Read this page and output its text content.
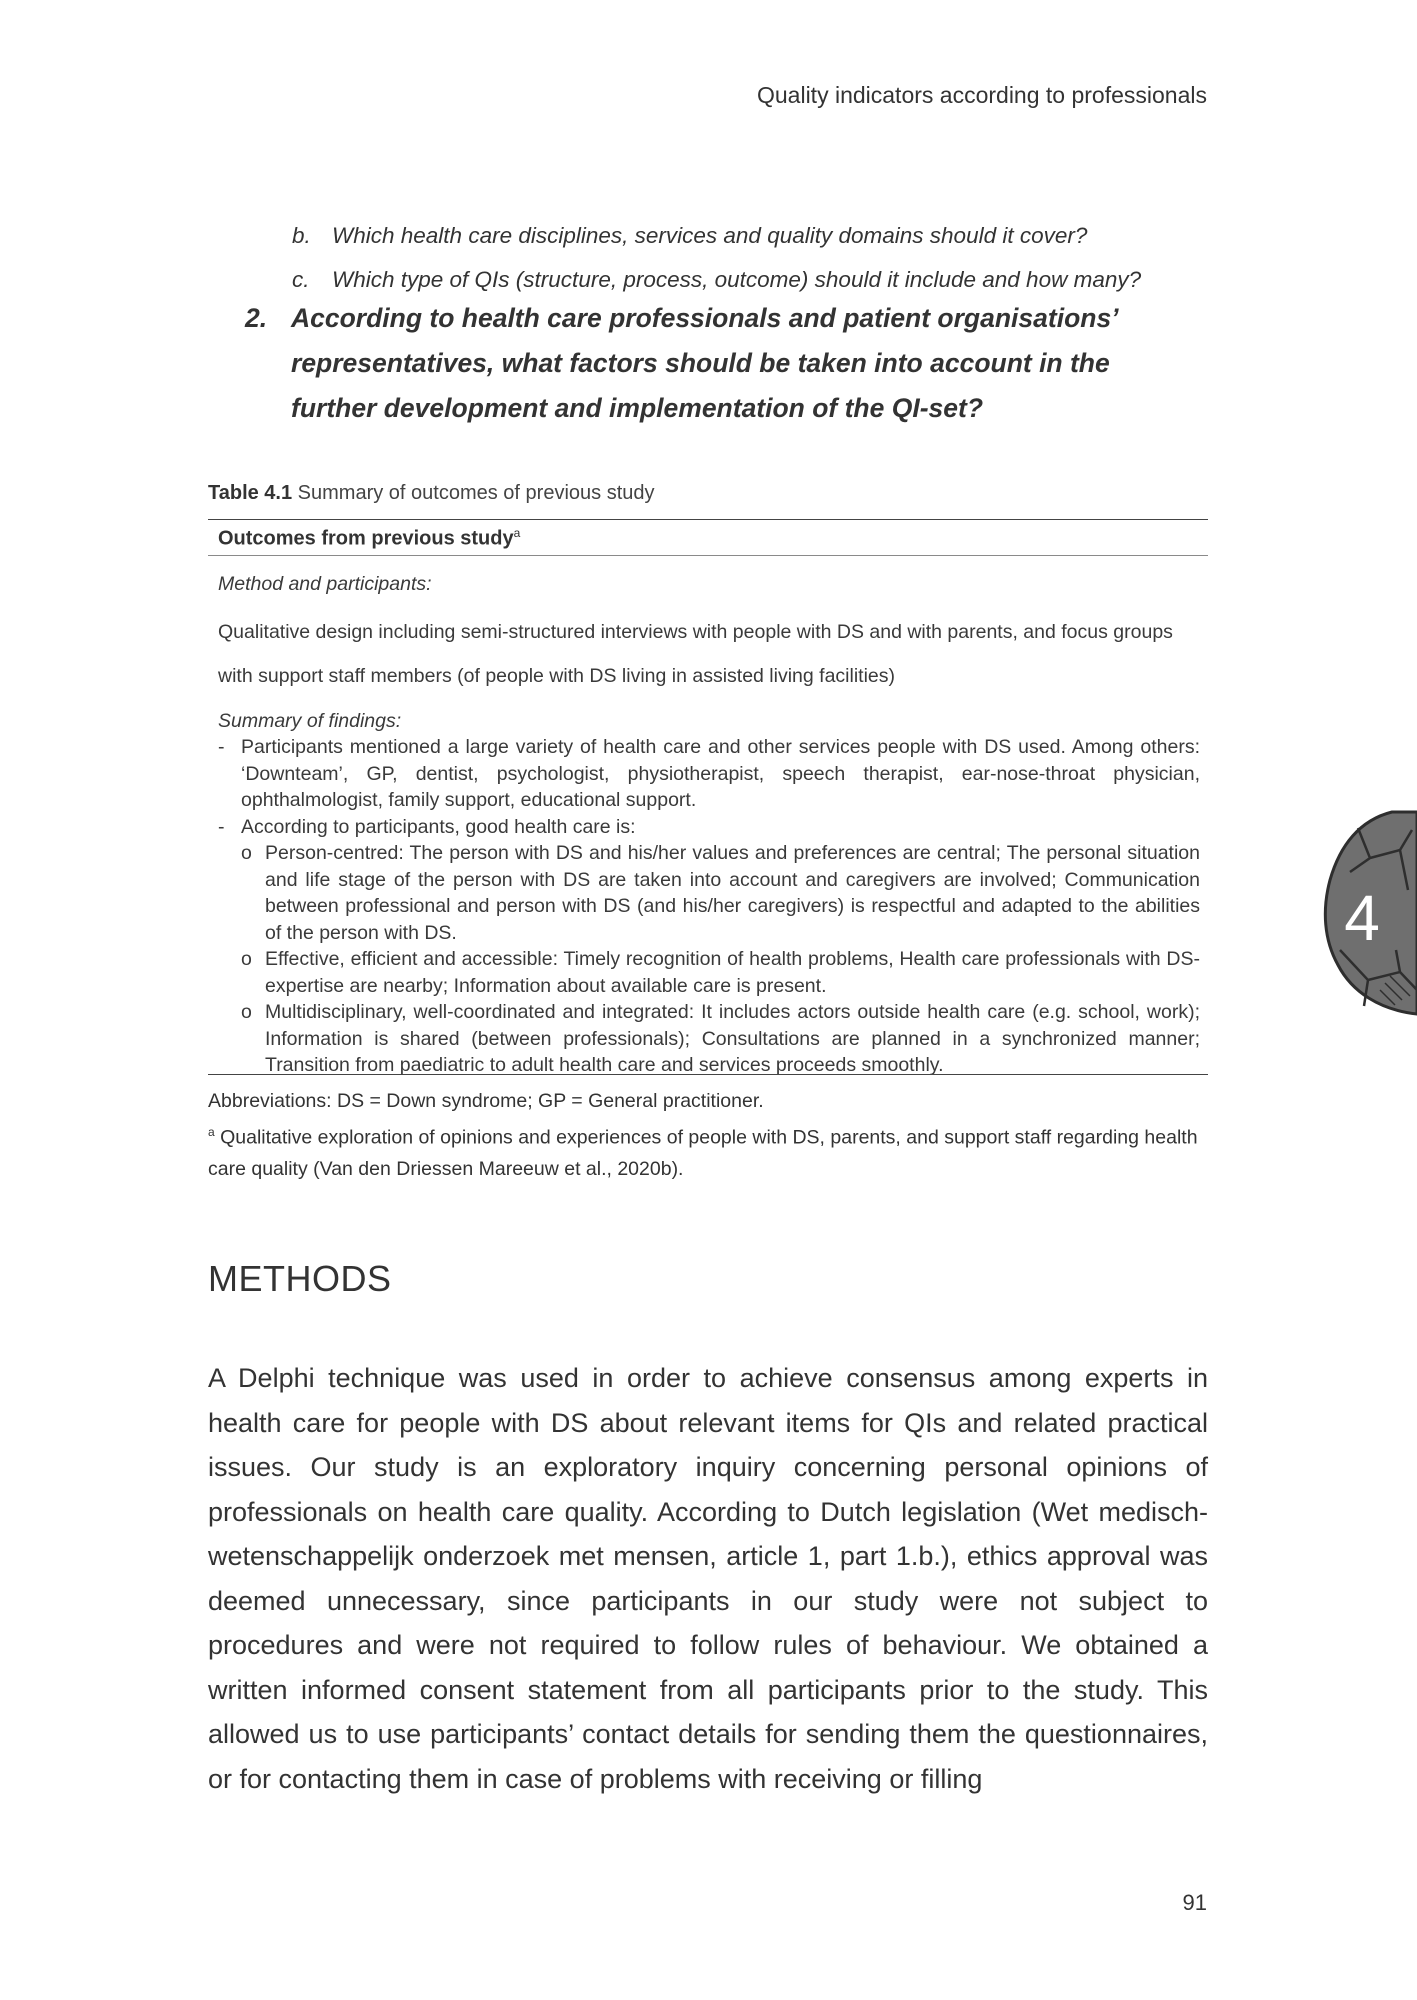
Quality indicators according to professionals
b. Which health care disciplines, services and quality domains should it cover?
c. Which type of QIs (structure, process, outcome) should it include and how many?
2. According to health care professionals and patient organisations’ representatives, what factors should be taken into account in the further development and implementation of the QI-set?
Table 4.1 Summary of outcomes of previous study
Outcomes from previous study$^a$
Method and participants:
Qualitative design including semi-structured interviews with people with DS and with parents, and focus groups with support staff members (of people with DS living in assisted living facilities)
Summary of findings:
- Participants mentioned a large variety of health care and other services people with DS used. Among others: ‘Downteam’, GP, dentist, psychologist, physiotherapist, speech therapist, ear-nose-throat physician, ophthalmologist, family support, educational support.
- According to participants, good health care is:
o Person-centred: The person with DS and his/her values and preferences are central; The personal situation and life stage of the person with DS are taken into account and caregivers are involved; Communication between professional and person with DS (and his/her caregivers) is respectful and adapted to the abilities of the person with DS.
o Effective, efficient and accessible: Timely recognition of health problems, Health care professionals with DS-expertise are nearby; Information about available care is present.
o Multidisciplinary, well-coordinated and integrated: It includes actors outside health care (e.g. school, work); Information is shared (between professionals); Consultations are planned in a synchronized manner; Transition from paediatric to adult health care and services proceeds smoothly.
Abbreviations: DS = Down syndrome; GP = General practitioner.
$^a$ Qualitative exploration of opinions and experiences of people with DS, parents, and support staff regarding health care quality (Van den Driessen Mareeuw et al., 2020b).
METHODS
A Delphi technique was used in order to achieve consensus among experts in health care for people with DS about relevant items for QIs and related practical issues. Our study is an exploratory inquiry concerning personal opinions of professionals on health care quality. According to Dutch legislation (Wet medisch-wetenschappelijk onderzoek met mensen, article 1, part 1.b.), ethics approval was deemed unnecessary, since participants in our study were not subject to procedures and were not required to follow rules of behaviour. We obtained a written informed consent statement from all participants prior to the study. This allowed us to use participants’ contact details for sending them the questionnaires, or for contacting them in case of problems with receiving or filling
4
91
